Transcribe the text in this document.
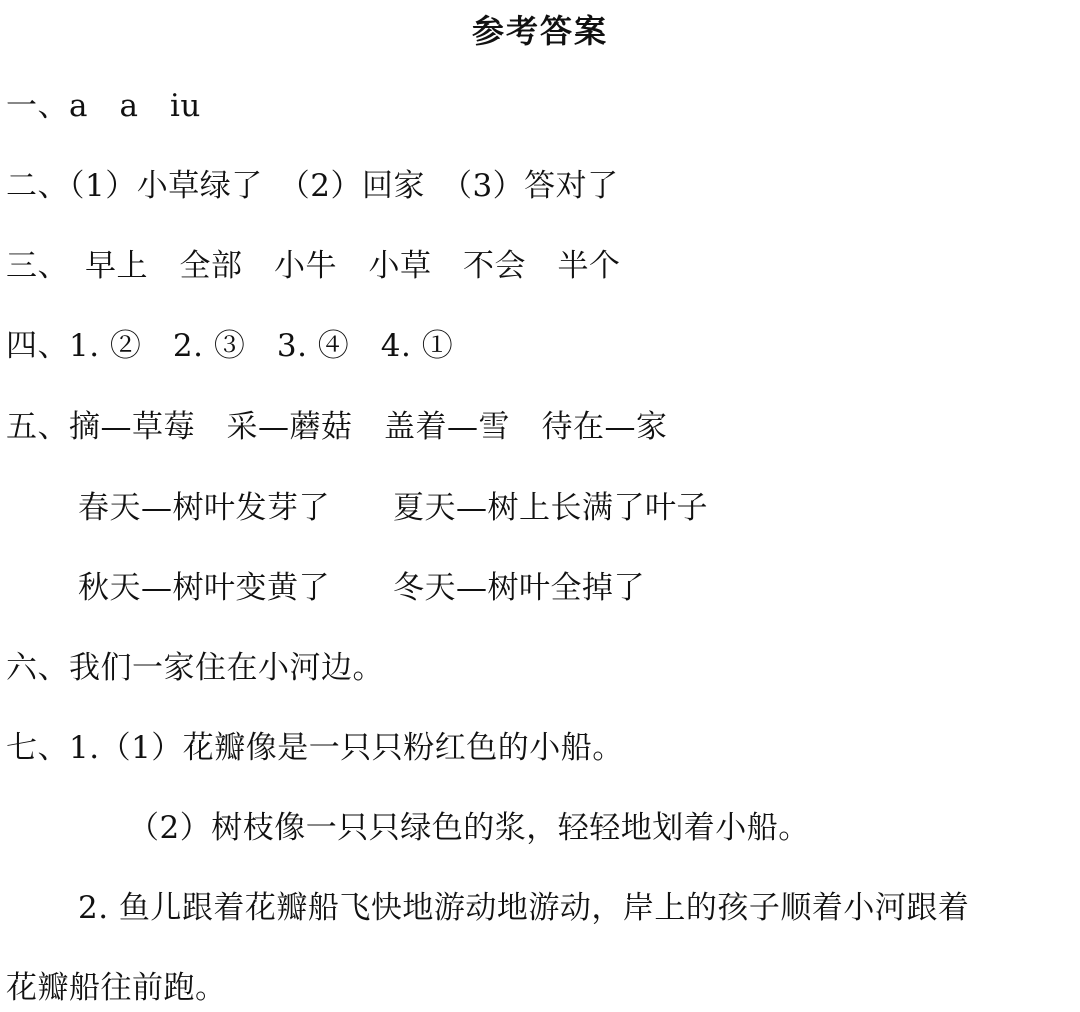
参考答案
一、a　a　iu
二、（1）小草绿了　（2）回家　（3）答对了
三、　早上　全部　小牛　小草　不会　半个
四、1. ②　2. ③　3. ④　4. ①
五、摘—草莓　采—蘑菇　盖着—雪　待在—家
春天—树叶发芽了　　夏天—树上长满了叶子
秋天—树叶变黄了　　冬天—树叶全掉了
六、我们一家住在小河边。
七、1.（1）花瓣像是一只只粉红色的小船。
（2）树枝像一只只绿色的浆，轻轻地划着小船。
2. 鱼儿跟着花瓣船飞快地游动地游动，岸上的孩子顺着小河跟着
花瓣船往前跑。
